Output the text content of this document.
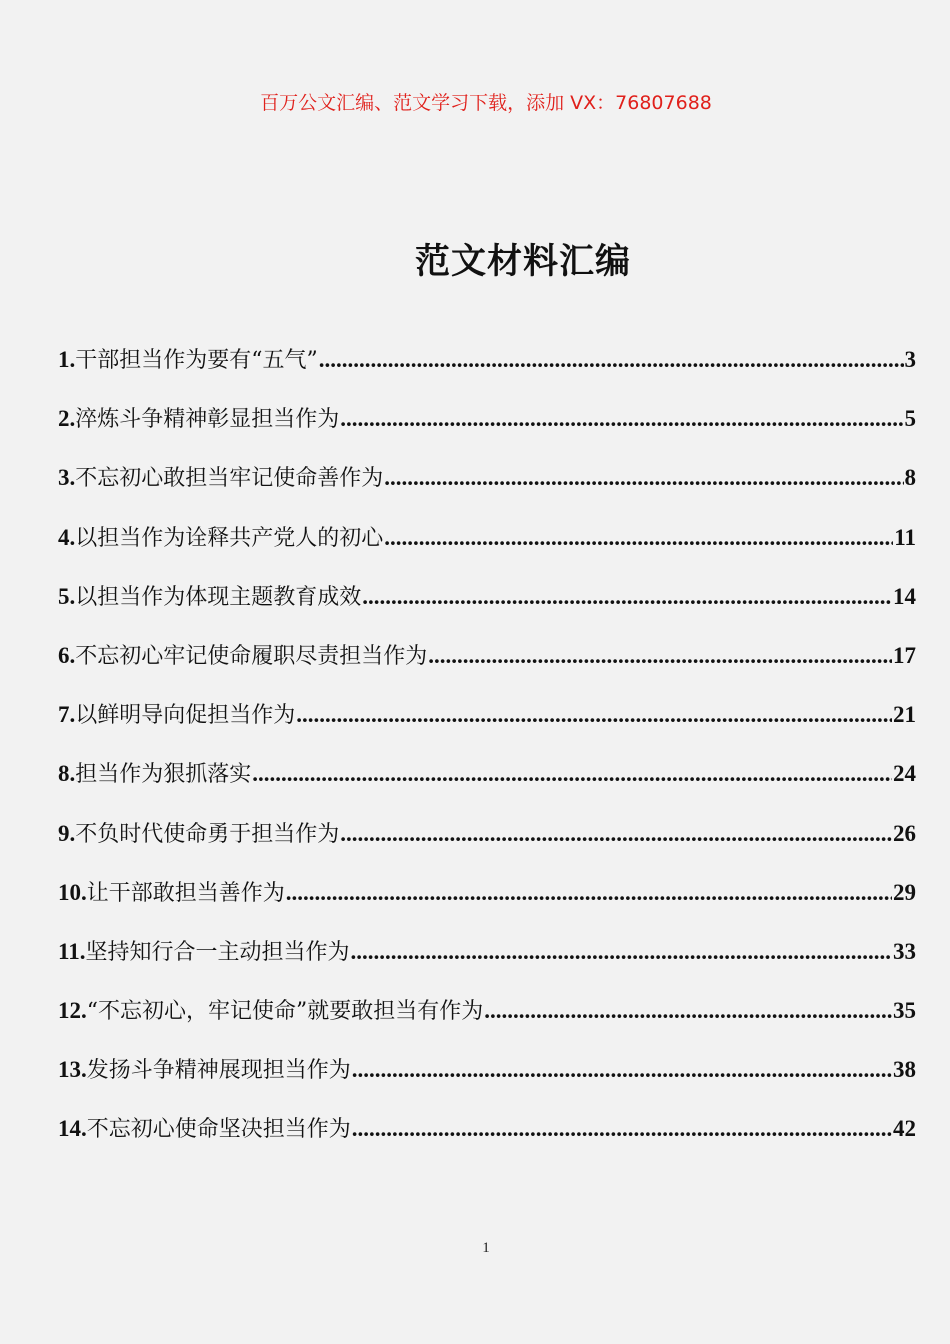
百万公文汇编、范文学习下载，添加 VX：76807688
范文材料汇编
1.干部担当作为要有“五气” .....	3
2.淬炼斗争精神彰显担当作为 .....	5
3.不忘初心敢担当牢记使命善作为 .....	8
4.以担当作为诠释共产党人的初心 .....	11
5.以担当作为体现主题教育成效 .....	14
6.不忘初心牢记使命履职尽责担当作为 .....	17
7.以鲜明导向促担当作为 .....	21
8.担当作为狠抓落实 .....	24
9.不负时代使命勇于担当作为 .....	26
10.让干部敢担当善作为 .....	29
11.坚持知行合一主动担当作为 .....	33
12.“不忘初心，牢记使命”就要敢担当有作为 .....	35
13.发扬斗争精神展现担当作为 .....	38
14.不忘初心使命坚决担当作为 .....	42
1
